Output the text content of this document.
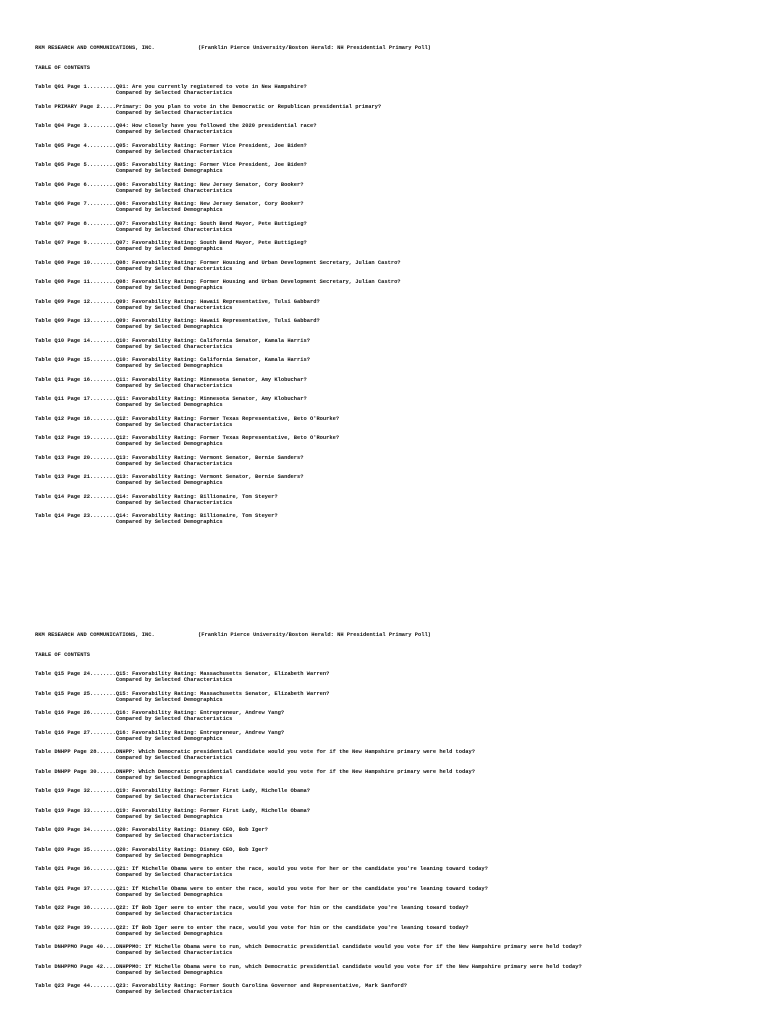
RKM RESEARCH AND COMMUNICATIONS, INC.	(Franklin Pierce University/Boston Herald: NH Presidential Primary Poll)
TABLE OF CONTENTS
Table Q01 Page 1......... Q01: Are you currently registered to vote in New Hampshire?
Compared by Selected Characteristics
Table PRIMARY Page 2..... Primary: Do you plan to vote in the Democratic or Republican presidential primary?
Compared by Selected Characteristics
Table Q04 Page 3......... Q04: How closely have you followed the 2020 presidential race?
Compared by Selected Characteristics
Table Q05 Page 4......... Q05: Favorability Rating: Former Vice President, Joe Biden?
Compared by Selected Characteristics
Table Q05 Page 5......... Q05: Favorability Rating: Former Vice President, Joe Biden?
Compared by Selected Demographics
Table Q06 Page 6......... Q06: Favorability Rating: New Jersey Senator, Cory Booker?
Compared by Selected Characteristics
Table Q06 Page 7......... Q06: Favorability Rating: New Jersey Senator, Cory Booker?
Compared by Selected Demographics
Table Q07 Page 8......... Q07: Favorability Rating: South Bend Mayor, Pete Buttigieg?
Compared by Selected Characteristics
Table Q07 Page 9......... Q07: Favorability Rating: South Bend Mayor, Pete Buttigieg?
Compared by Selected Demographics
Table Q08 Page 10........ Q08: Favorability Rating: Former Housing and Urban Development Secretary, Julian Castro?
Compared by Selected Characteristics
Table Q08 Page 11........ Q08: Favorability Rating: Former Housing and Urban Development Secretary, Julian Castro?
Compared by Selected Demographics
Table Q09 Page 12........ Q09: Favorability Rating: Hawaii Representative, Tulsi Gabbard?
Compared by Selected Characteristics
Table Q09 Page 13........ Q09: Favorability Rating: Hawaii Representative, Tulsi Gabbard?
Compared by Selected Demographics
Table Q10 Page 14........ Q10: Favorability Rating: California Senator, Kamala Harris?
Compared by Selected Characteristics
Table Q10 Page 15........ Q10: Favorability Rating: California Senator, Kamala Harris?
Compared by Selected Demographics
Table Q11 Page 16........ Q11: Favorability Rating: Minnesota Senator, Amy Klobuchar?
Compared by Selected Characteristics
Table Q11 Page 17........ Q11: Favorability Rating: Minnesota Senator, Amy Klobuchar?
Compared by Selected Demographics
Table Q12 Page 18........ Q12: Favorability Rating: Former Texas Representative, Beto O'Rourke?
Compared by Selected Characteristics
Table Q12 Page 19........ Q12: Favorability Rating: Former Texas Representative, Beto O'Rourke?
Compared by Selected Demographics
Table Q13 Page 20........ Q13: Favorability Rating: Vermont Senator, Bernie Sanders?
Compared by Selected Characteristics
Table Q13 Page 21........ Q13: Favorability Rating: Vermont Senator, Bernie Sanders?
Compared by Selected Demographics
Table Q14 Page 22........ Q14: Favorability Rating: Billionaire, Tom Steyer?
Compared by Selected Characteristics
Table Q14 Page 23........ Q14: Favorability Rating: Billionaire, Tom Steyer?
Compared by Selected Demographics
RKM RESEARCH AND COMMUNICATIONS, INC.	(Franklin Pierce University/Boston Herald: NH Presidential Primary Poll)
TABLE OF CONTENTS
Table Q15 Page 24........ Q15: Favorability Rating: Massachusetts Senator, Elizabeth Warren?
Compared by Selected Characteristics
Table Q15 Page 25........ Q15: Favorability Rating: Massachusetts Senator, Elizabeth Warren?
Compared by Selected Demographics
Table Q16 Page 26........ Q16: Favorability Rating: Entrepreneur, Andrew Yang?
Compared by Selected Characteristics
Table Q16 Page 27........ Q16: Favorability Rating: Entrepreneur, Andrew Yang?
Compared by Selected Demographics
Table DNHPP Page 28...... DNHPP: Which Democratic presidential candidate would you vote for if the New Hampshire primary were held today?
Compared by Selected Characteristics
Table DNHPP Page 30...... DNHPP: Which Democratic presidential candidate would you vote for if the New Hampshire primary were held today?
Compared by Selected Demographics
Table Q19 Page 32........ Q19: Favorability Rating: Former First Lady, Michelle Obama?
Compared by Selected Characteristics
Table Q19 Page 33........ Q19: Favorability Rating: Former First Lady, Michelle Obama?
Compared by Selected Demographics
Table Q20 Page 34........ Q20: Favorability Rating: Disney CEO, Bob Iger?
Compared by Selected Characteristics
Table Q20 Page 35........ Q20: Favorability Rating: Disney CEO, Bob Iger?
Compared by Selected Demographics
Table Q21 Page 36........ Q21: If Michelle Obama were to enter the race, would you vote for her or the candidate you're leaning toward today?
Compared by Selected Characteristics
Table Q21 Page 37........ Q21: If Michelle Obama were to enter the race, would you vote for her or the candidate you're leaning toward today?
Compared by Selected Demographics
Table Q22 Page 38........ Q22: If Bob Iger were to enter the race, would you vote for him or the candidate you're leaning toward today?
Compared by Selected Characteristics
Table Q22 Page 39........ Q22: If Bob Iger were to enter the race, would you vote for him or the candidate you're leaning toward today?
Compared by Selected Demographics
Table DNHPPMO Page 40.... DNHPPMO: If Michelle Obama were to run, which Democratic presidential candidate would you vote for if the New Hampshire primary were held today?
Compared by Selected Characteristics
Table DNHPPMO Page 42.... DNHPPMO: If Michelle Obama were to run, which Democratic presidential candidate would you vote for if the New Hampshire primary were held today?
Compared by Selected Demographics
Table Q23 Page 44........ Q23: Favorability Rating: Former South Carolina Governor and Representative, Mark Sanford?
Compared by Selected Characteristics
